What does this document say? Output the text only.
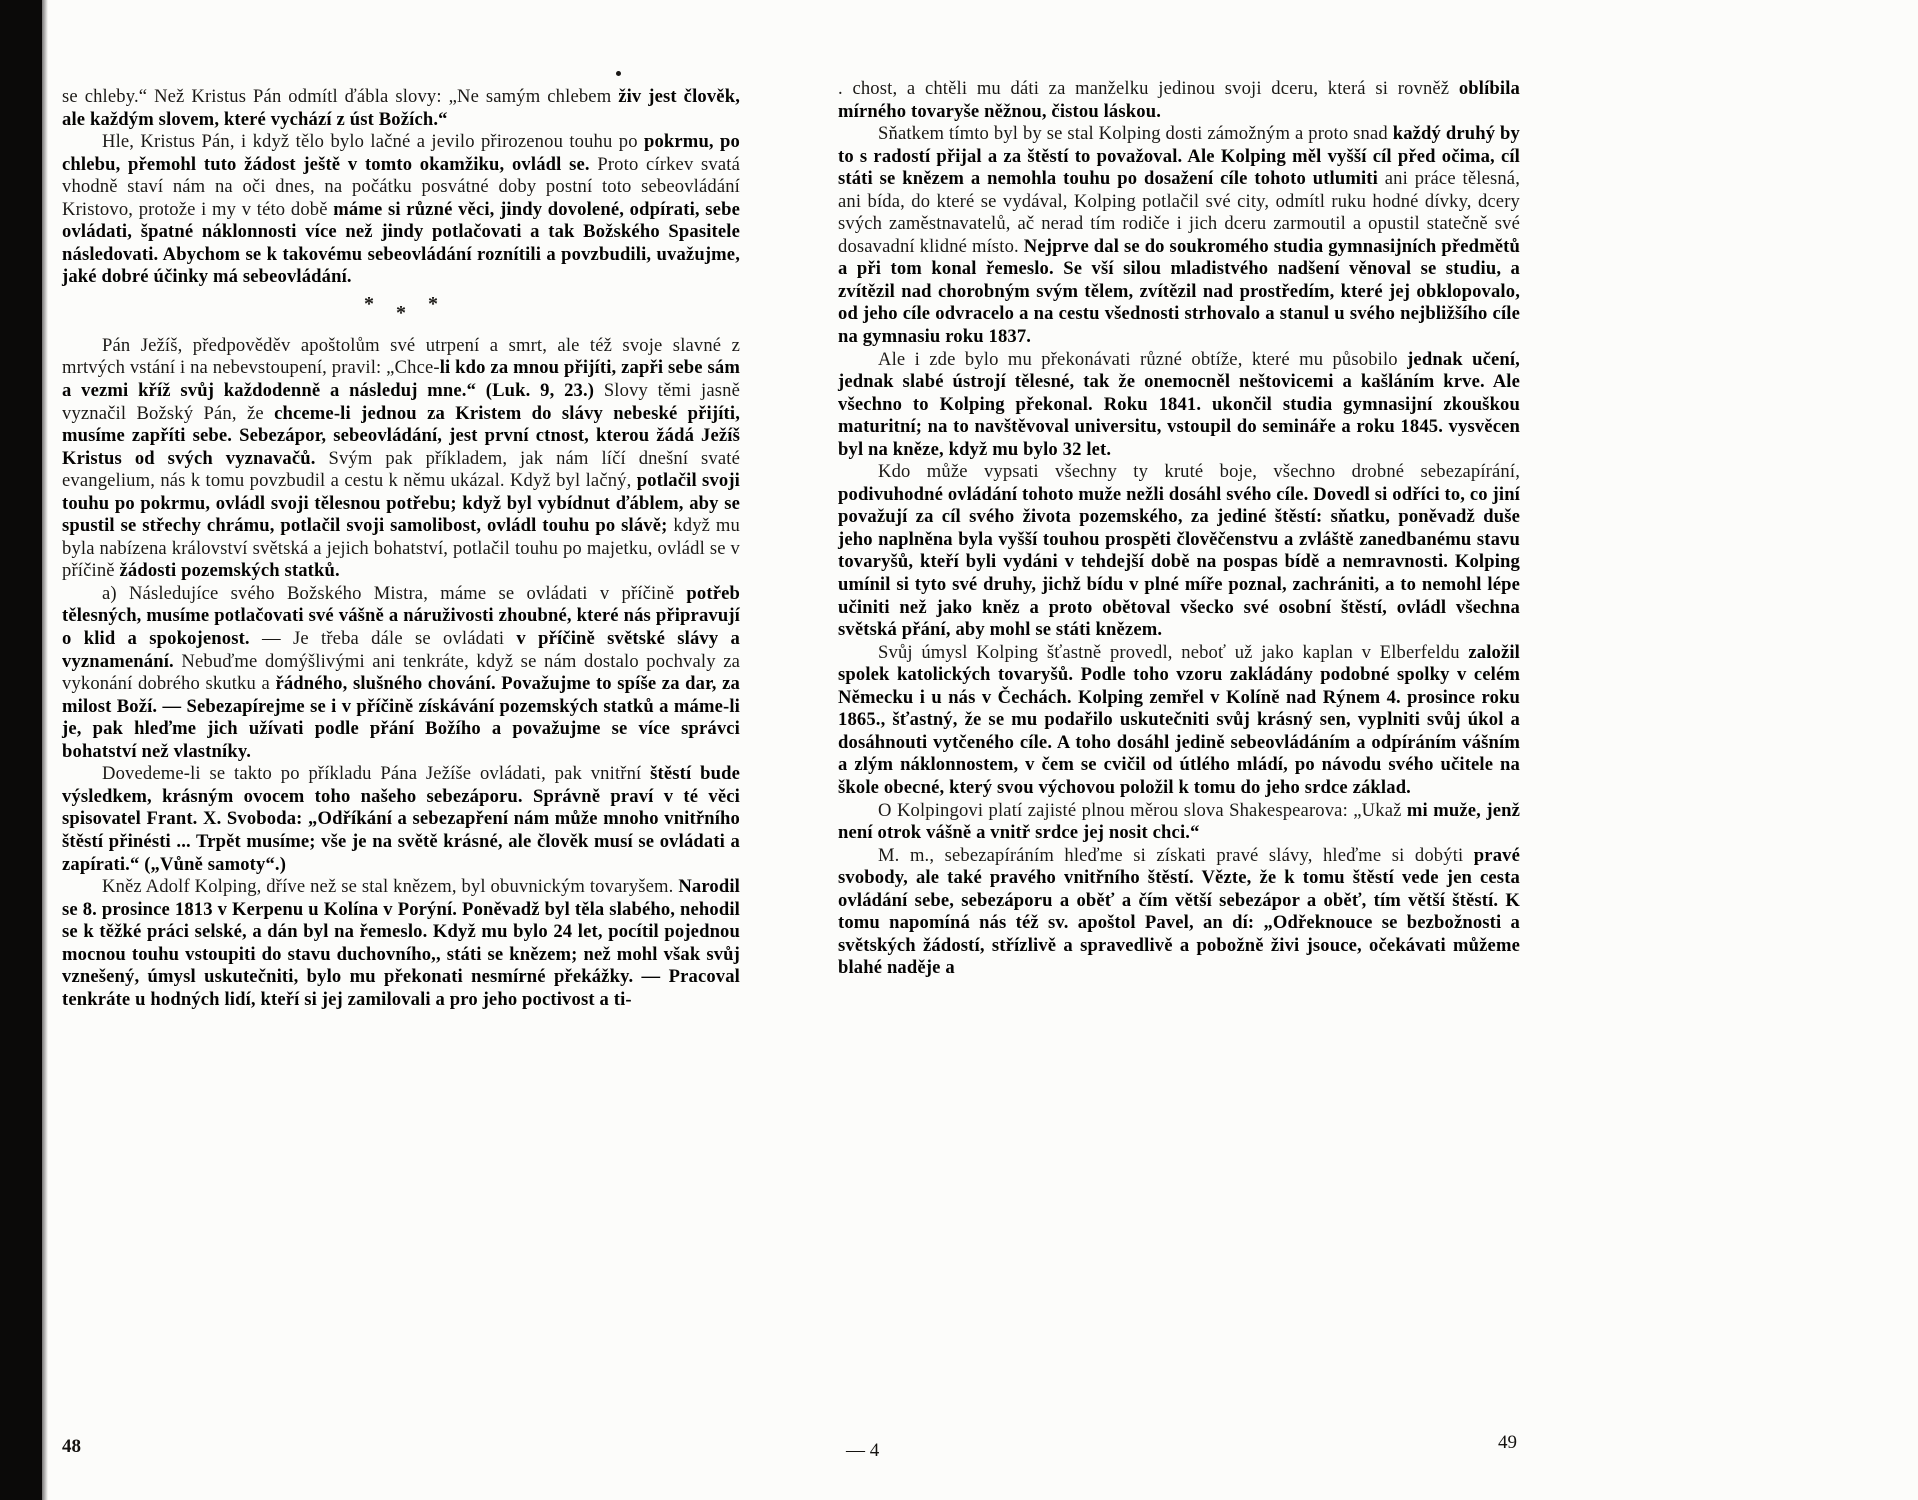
se chleby.“ Než Kristus Pán odmítl ďábla slovy: „Ne samým chlebem živ jest člověk, ale každým slovem, které vychází z úst Božích.“

Hle, Kristus Pán, i když tělo bylo lačné a jevilo přirozenou touhu po pokrmu, po chlebu, přemohl tuto žádost ještě v tomto okamžiku, ovládl se. Proto církev svatá vhodně staví nám na oči dnes, na počátku posvátné doby postní toto sebeovládání Kristovo, protože i my v této době máme si různé věci, jindy dovolené, odpírati, sebe ovládati, špatné náklonnosti více než jindy potlačovati a tak Božského Spasitele následovati. Abychom se k takovému sebeovládání roznítili a povzbudili, uvažujme, jaké dobré účinky má sebeovládání.

* * *

Pán Ježíš, předpověděv apoštolům své utrpení a smrt, ale též svoje slavné z mrtvých vstání i na nebevstoupení, pravil: „Chce‑li kdo za mnou přijíti, zapři sebe sám a vezmi kříž svůj každodenně a následuj mne.“ (Luk. 9, 23.) Slovy těmi jasně vyznačil Božský Pán, že chceme-li jednou za Kristem do slávy nebeské přijíti, musíme zapříti sebe. Sebezápor, sebeovládání, jest první ctnost, kterou žádá Ježíš Kristus od svých vyznavačů. Svým pak příkladem, jak nám líčí dnešní svaté evangelium, nás k tomu povzbudil a cestu k němu ukázal. Když byl lačný, potlačil svoji touhu po pokrmu, ovládl svoji tělesnou potřebu; když byl vybídnut ďáblem, aby se spustil se střechy chrámu, potlačil svoji samolibost, ovládl touhu po slávě; když mu byla nabízena království světská a jejich bohatství, potlačil touhu po majetku, ovládl se v příčině žádosti pozemských statků.

a) Následujíce svého Božského Mistra, máme se ovládati v příčině potřeb tělesných, musíme potlačovati své vášně a náruživosti zhoubné, které nás připravují o klid a spokojenost. — Je třeba dále se ovládati v příčině světské slávy a vyznamenání. Nebuďme domýšlivými ani tenkráte, když se nám dostalo pochvaly za vykonání dobrého skutku a řádného, slušného chování. Považujme to spíše za dar, za milost Boží. — Sebezapírejme se i v příčině získávání pozemských statků a máme-li je, pak hleďme jich užívati podle přání Božího a považujme se více správci bohatství než vlastníky.

Dovedeme-li se takto po příkladu Pána Ježíše ovládati, pak vnitřní štěstí bude výsledkem, krásným ovocem toho našeho sebezáporu. Správně praví v té věci spisovatel Frant. X. Svoboda: „Odříkání a sebezapření nám může mnoho vnitřního štěstí přinésti ... Trpět musíme; vše je na světě krásné, ale člověk musí se ovládati a zapírati.“ („Vůně samoty“.)

Kněz Adolf Kolping, dříve než se stal knězem, byl obuvnickým tovaryšem. Narodil se 8. prosince 1813 v Kerpenu u Kolína v Porýní. Poněvadž byl těla slabého, nehodil se k těžké práci selské, a dán byl na řemeslo. Když mu bylo 24 let, pocítil pojednou mocnou touhu vstoupiti do stavu duchovního,, státi se knězem; než mohl však svůj vznešený, úmysl uskutečniti, bylo mu překonati nesmírné překážky. — Pracoval tenkráte u hodných lidí, kteří si jej zamilovali a pro jeho poctivost a ti-

. chost, a chtěli mu dáti za manželku jedinou svoji dceru, která si rovněž oblíbila mírného tovaryše něžnou, čistou láskou.

Sňatkem tímto byl by se stal Kolping dosti zámožným a proto snad každý druhý by to s radostí přijal a za štěstí to považoval. Ale Kolping měl vyšší cíl před očima, cíl státi se knězem a nemohla touhu po dosažení cíle tohoto utlumiti ani práce tělesná, ani bída, do které se vydával, Kolping potlačil své city, odmítl ruku hodné dívky, dcery svých zaměstnavatelů, ač nerad tím rodiče i jich dceru zarmoutil a opustil statečně své dosavadní klidné místo. Nejprve dal se do soukromého studia gymnasijních předmětů a při tom konal řemeslo. Se vší silou mladistvého nadšení věnoval se studiu, a zvítězil nad chorobným svým tělem, zvítězil nad prostředím, které jej obklopovalo, od jeho cíle odvracelo a na cestu všednosti strhovalo a stanul u svého nejbližšího cíle na gymnasiu roku 1837.

Ale i zde bylo mu překonávati různé obtíže, které mu působilo jednak učení, jednak slabé ústrojí tělesné, tak že onemocněl neštovicemi a kašláním krve. Ale všechno to Kolping překonal. Roku 1841. ukončil studia gymnasijní zkouškou maturitní; na to navštěvoval universitu, vstoupil do semináře a roku 1845. vysvěcen byl na kněze, když mu bylo 32 let.

Kdo může vypsati všechny ty kruté boje, všechno drobné sebezapírání, podivuhodné ovládání tohoto muže nežli dosáhl svého cíle. Dovedl si odříci to, co jiní považují za cíl svého života pozemského, za jediné štěstí: sňatku, poněvadž duše jeho naplněna byla vyšší touhou prospěti člověčenstvu a zvláště zanedbanému stavu tovaryšů, kteří byli vydáni v tehdejší době na pospas bídě a nemravnosti. Kolping umínil si tyto své druhy, jichž bídu v plné míře poznal, zachrániti, a to nemohl lépe učiniti než jako kněz a proto obětoval všecko své osobní štěstí, ovládl všechna světská přání, aby mohl se státi knězem.

Svůj úmysl Kolping šťastně provedl, neboť už jako kaplan v Elberfeldu založil spolek katolických tovaryšů. Podle toho vzoru zakládány podobné spolky v celém Německu i u nás v Čechách. Kolping zemřel v Kolíně nad Rýnem 4. prosince roku 1865., šťastný, že se mu podařilo uskutečniti svůj krásný sen, vyplniti svůj úkol a dosáhnouti vytčeného cíle. A toho dosáhl jedině sebeovládáním a odpíráním vášním a zlým náklonnostem, v čem se cvičil od útlého mládí, po návodu svého učitele na škole obecné, který svou výchovou položil k tomu do jeho srdce základ.

O Kolpingovi platí zajisté plnou měrou slova Shakespearova: „Ukaž mi muže, jenž není otrok vášně a vnitř srdce jej nosit chci.“

M. m., sebezapíráním hleďme si získati pravé slávy, hleďme si dobýti pravé svobody, ale také pravého vnitřního štěstí. Vězte, že k tomu štěstí vede jen cesta ovládání sebe, sebezáporu a oběť a čím větší sebezápor a oběť, tím větší štěstí. K tomu napomíná nás též sv. apoštol Pavel, an dí: „Odřeknouce se bezbožnosti a světských žádostí, střízlivě a spravedlivě a pobožně živi jsouce, očekávati můžeme blahé naděje a

48	— 4	49
